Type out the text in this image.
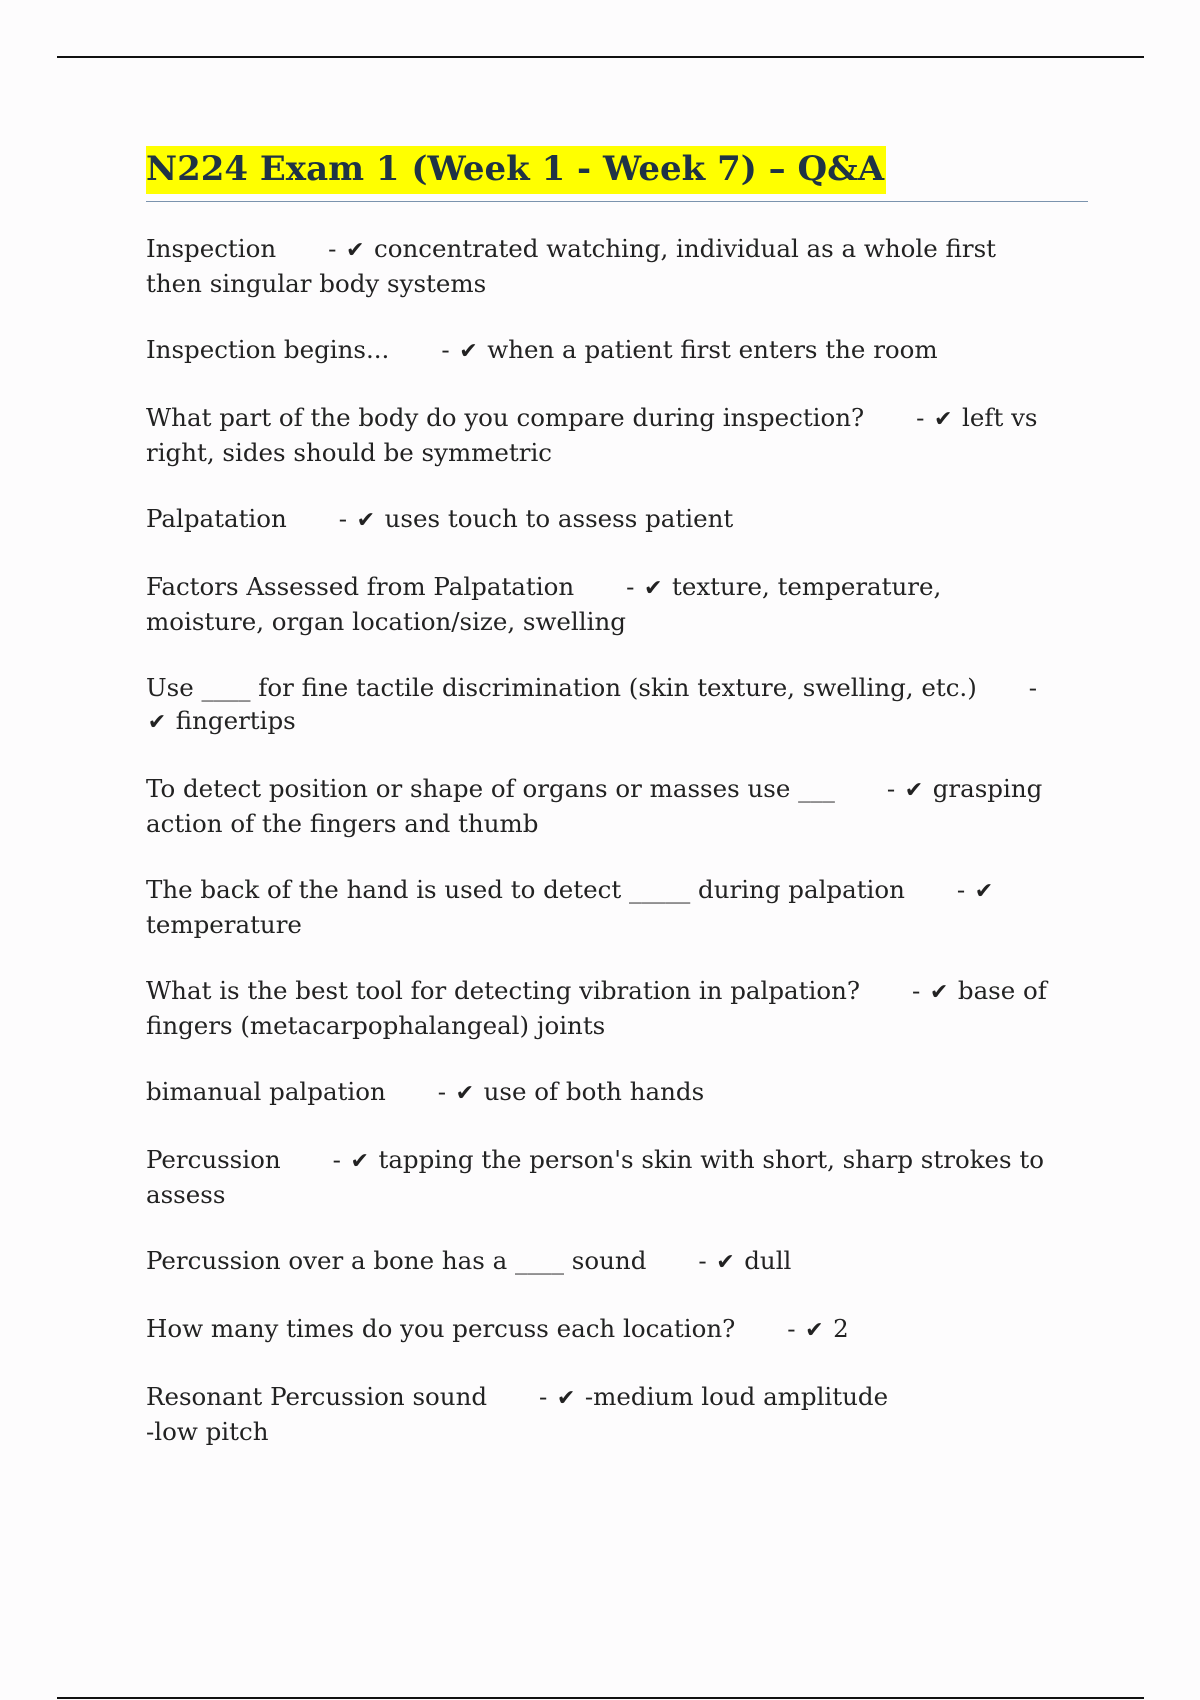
N224 Exam 1 (Week 1 - Week 7) – Q&A
Inspection - ✔ concentrated watching, individual as a whole first then singular body systems
Inspection begins... - ✔ when a patient first enters the room
What part of the body do you compare during inspection? - ✔ left vs right, sides should be symmetric
Palpatation - ✔ uses touch to assess patient
Factors Assessed from Palpatation - ✔ texture, temperature, moisture, organ location/size, swelling
Use ____ for fine tactile discrimination (skin texture, swelling, etc.) - ✔ fingertips
To detect position or shape of organs or masses use ___ - ✔ grasping action of the fingers and thumb
The back of the hand is used to detect _____ during palpation - ✔ temperature
What is the best tool for detecting vibration in palpation? - ✔ base of fingers (metacarpophalangeal) joints
bimanual palpation - ✔ use of both hands
Percussion - ✔ tapping the person's skin with short, sharp strokes to assess
Percussion over a bone has a ____ sound - ✔ dull
How many times do you percuss each location? - ✔ 2
Resonant Percussion sound - ✔ -medium loud amplitude
-low pitch
